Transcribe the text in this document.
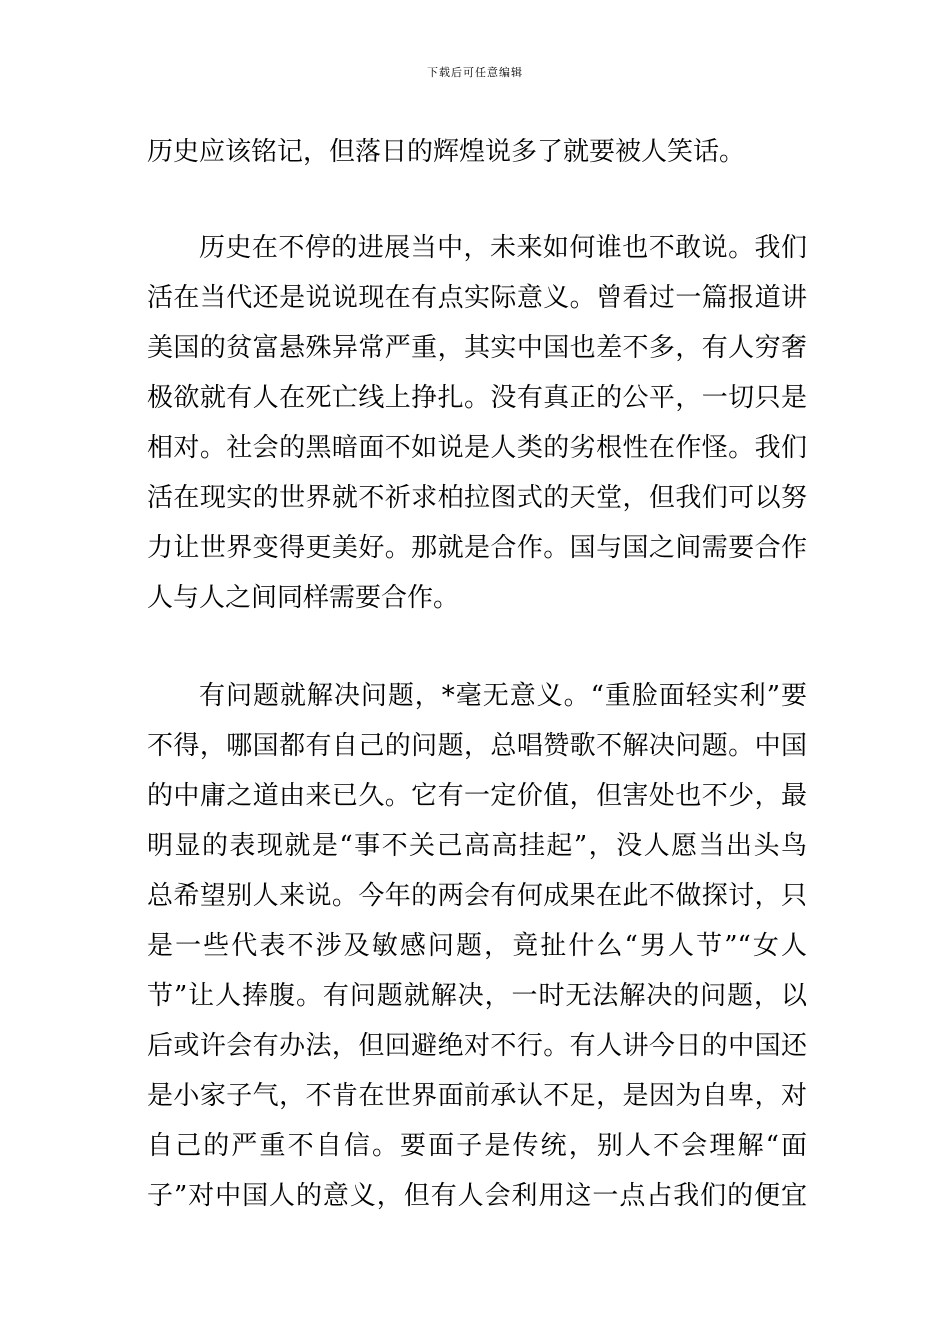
下载后可任意编辑
历史应该铭记，但落日的辉煌说多了就要被人笑话。
历史在不停的进展当中，未来如何谁也不敢说。我们
活在当代还是说说现在有点实际意义。曾看过一篇报道讲
美国的贫富悬殊异常严重，其实中国也差不多，有人穷奢
极欲就有人在死亡线上挣扎。没有真正的公平，一切只是
相对。社会的黑暗面不如说是人类的劣根性在作怪。我们
活在现实的世界就不祈求柏拉图式的天堂，但我们可以努
力让世界变得更美好。那就是合作。国与国之间需要合作
人与人之间同样需要合作。
有问题就解决问题，*毫无意义。“重脸面轻实利”要
不得，哪国都有自己的问题，总唱赞歌不解决问题。中国
的中庸之道由来已久。它有一定价值，但害处也不少，最
明显的表现就是“事不关己高高挂起”，没人愿当出头鸟
总希望别人来说。今年的两会有何成果在此不做探讨，只
是一些代表不涉及敏感问题，竟扯什么“男人节”“女人
节”让人捧腹。有问题就解决，一时无法解决的问题，以
后或许会有办法，但回避绝对不行。有人讲今日的中国还
是小家子气，不肯在世界面前承认不足，是因为自卑，对
自己的严重不自信。要面子是传统，别人不会理解“面
子”对中国人的意义，但有人会利用这一点占我们的便宜
